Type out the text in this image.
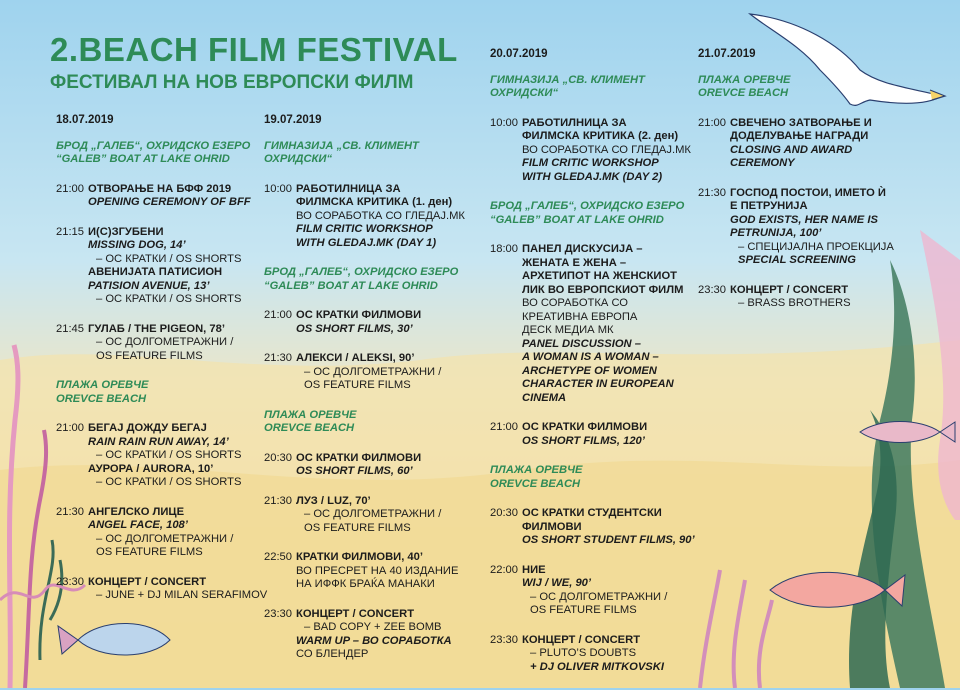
2.BEACH FILM FESTIVAL
ФЕСТИВАЛ НА НОВ ЕВРОПСКИ ФИЛМ
18.07.2019
БРОД „ГАЛЕБ“, ОХРИДСКО ЕЗЕРО
“GALEB” BOAT AT LAKE OHRID
21:00 ОТВОРАЊЕ НА БФФ 2019
OPENING CEREMONY OF BFF
21:15 И(С)ЗГУБЕНИ
MISSING DOG, 14’
– ОС КРАТКИ / OS SHORTS
АВЕНИЈАТА ПАТИСИОН
PATISION AVENUE, 13’
– ОС КРАТКИ / OS SHORTS
21:45 ГУЛАБ / THE PIGEON, 78’
– ОС ДОЛГОМЕТРАЖНИ /
OS FEATURE FILMS
ПЛАЖА ОРЕВЧЕ
OREVCE BEACH
21:00 БЕГАЈ ДОЖДУ БЕГАЈ
RAIN RAIN RUN AWAY, 14’
– ОС КРАТКИ / OS SHORTS
АУРОРА / AURORA, 10’
– ОС КРАТКИ / OS SHORTS
21:30 АНГЕЛСКО ЛИЦЕ
ANGEL FACE, 108’
– ОС ДОЛГОМЕТРАЖНИ /
OS FEATURE FILMS
23:30 КОНЦЕРТ / CONCERT
– JUNE + DJ MILAN SERAFIMOV
19.07.2019
ГИМНАЗИЈА „СВ. КЛИМЕНТ
ОХРИДСКИ“
10:00 РАБОТИЛНИЦА ЗА
ФИЛМСКА КРИТИКА (1. ден)
ВО СОРАБОТКА СО ГЛЕДАЈ.МК
FILM CRITIC WORKSHOP
WITH GLEDAJ.MK (DAY 1)
БРОД „ГАЛЕБ“, ОХРИДСКО ЕЗЕРО
“GALEB” BOAT AT LAKE OHRID
21:00 ОС КРАТКИ ФИЛМОВИ
OS SHORT FILMS, 30’
21:30 АЛЕКСИ / ALEKSI, 90’
– ОС ДОЛГОМЕТРАЖНИ /
OS FEATURE FILMS
ПЛАЖА ОРЕВЧЕ
OREVCE BEACH
20:30 ОС КРАТКИ ФИЛМОВИ
OS SHORT FILMS, 60’
21:30 ЛУЗ / LUZ, 70’
– ОС ДОЛГОМЕТРАЖНИ /
OS FEATURE FILMS
22:50 КРАТКИ ФИЛМОВИ, 40’
ВО ПРЕСРЕТ НА 40 ИЗДАНИЕ
НА ИФФК БРАЌА МАНАКИ
23:30 КОНЦЕРТ / CONCERT
– BAD COPY + ZEE BOMB
WARM UP – ВО СОРАБОТКА
СО БЛЕНДЕР
20.07.2019
ГИМНАЗИЈА „СВ. КЛИМЕНТ
ОХРИДСКИ“
10:00 РАБОТИЛНИЦА ЗА
ФИЛМСКА КРИТИКА (2. ден)
ВО СОРАБОТКА СО ГЛЕДАЈ.МК
FILM CRITIC WORKSHOP
WITH GLEDAJ.MK (DAY 2)
БРОД „ГАЛЕБ“, ОХРИДСКО ЕЗЕРО
“GALEB” BOAT AT LAKE OHRID
18:00 ПАНЕЛ ДИСКУСИЈА –
ЖЕНАТА Е ЖЕНА –
АРХЕТИПОТ НА ЖЕНСКИОТ
ЛИК ВО ЕВРОПСКИОТ ФИЛМ
ВО СОРАБОТКА СО
КРЕАТИВНА ЕВРОПА
ДЕСК МЕДИА МК
PANEL DISCUSSION –
A WOMAN IS A WOMAN –
ARCHETYPE OF WOMEN
CHARACTER IN EUROPEAN
CINEMA
21:00 ОС КРАТКИ ФИЛМОВИ
OS SHORT FILMS, 120’
ПЛАЖА ОРЕВЧЕ
OREVCE BEACH
20:30 ОС КРАТКИ СТУДЕНТСКИ
ФИЛМОВИ
OS SHORT STUDENT FILMS, 90’
22:00 НИЕ
WIJ / WE, 90’
– ОС ДОЛГОМЕТРАЖНИ /
OS FEATURE FILMS
23:30 КОНЦЕРТ / CONCERT
– PLUTO’S DOUBTS
+ DJ OLIVER MITKOVSKI
21.07.2019
ПЛАЖА ОРЕВЧЕ
OREVCE BEACH
21:00 СВЕЧЕНО ЗАТВОРАЊЕ И
ДОДЕЛУВАЊЕ НАГРАДИ
CLOSING AND AWARD
CEREMONY
21:30 ГОСПОД ПОСТОИ, ИМЕТО Ѝ
Е ПЕТРУНИЈА
GOD EXISTS, HER NAME IS
PETRUNIJA, 100’
– СПЕЦИЈАЛНА ПРОЕКЦИЈА
SPECIAL SCREENING
23:30 КОНЦЕРТ / CONCERT
– BRASS BROTHERS
